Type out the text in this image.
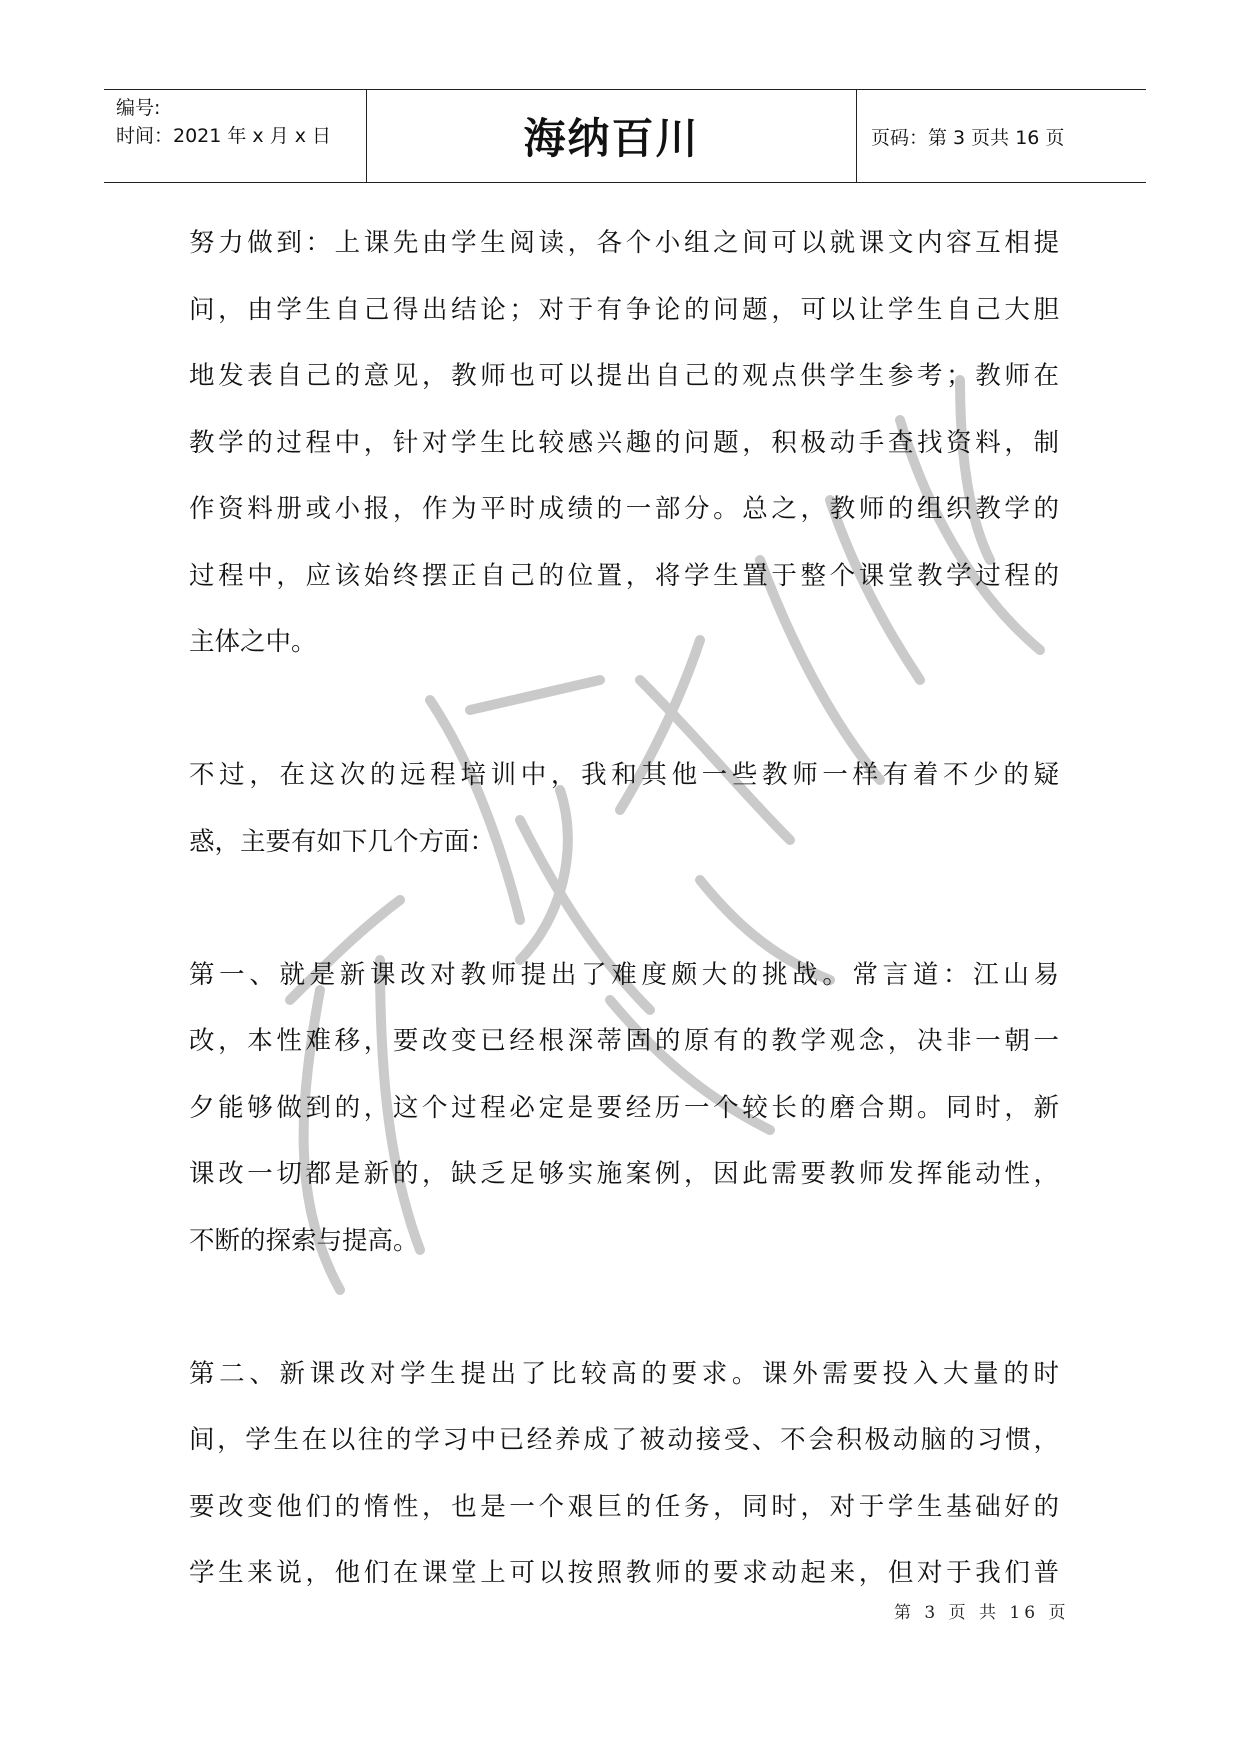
编号:
时间：2021 年 x 月 x 日	海纳百川	页码：第 3 页共 16 页
努力做到：上课先由学生阅读，各个小组之间可以就课文内容互相提
问，由学生自己得出结论；对于有争论的问题，可以让学生自己大胆
地发表自己的意见，教师也可以提出自己的观点供学生参考；教师在
教学的过程中，针对学生比较感兴趣的问题，积极动手查找资料，制
作资料册或小报，作为平时成绩的一部分。总之，教师的组织教学的
过程中，应该始终摆正自己的位置，将学生置于整个课堂教学过程的
主体之中。
不过，在这次的远程培训中，我和其他一些教师一样有着不少的疑
惑，主要有如下几个方面：
第一、就是新课改对教师提出了难度颇大的挑战。常言道：江山易
改，本性难移，要改变已经根深蒂固的原有的教学观念，决非一朝一
夕能够做到的，这个过程必定是要经历一个较长的磨合期。同时，新
课改一切都是新的，缺乏足够实施案例，因此需要教师发挥能动性，
不断的探索与提高。
第二、新课改对学生提出了比较高的要求。课外需要投入大量的时
间，学生在以往的学习中已经养成了被动接受、不会积极动脑的习惯，
要改变他们的惰性，也是一个艰巨的任务，同时，对于学生基础好的
学生来说，他们在课堂上可以按照教师的要求动起来，但对于我们普
第 3 页 共 16 页
